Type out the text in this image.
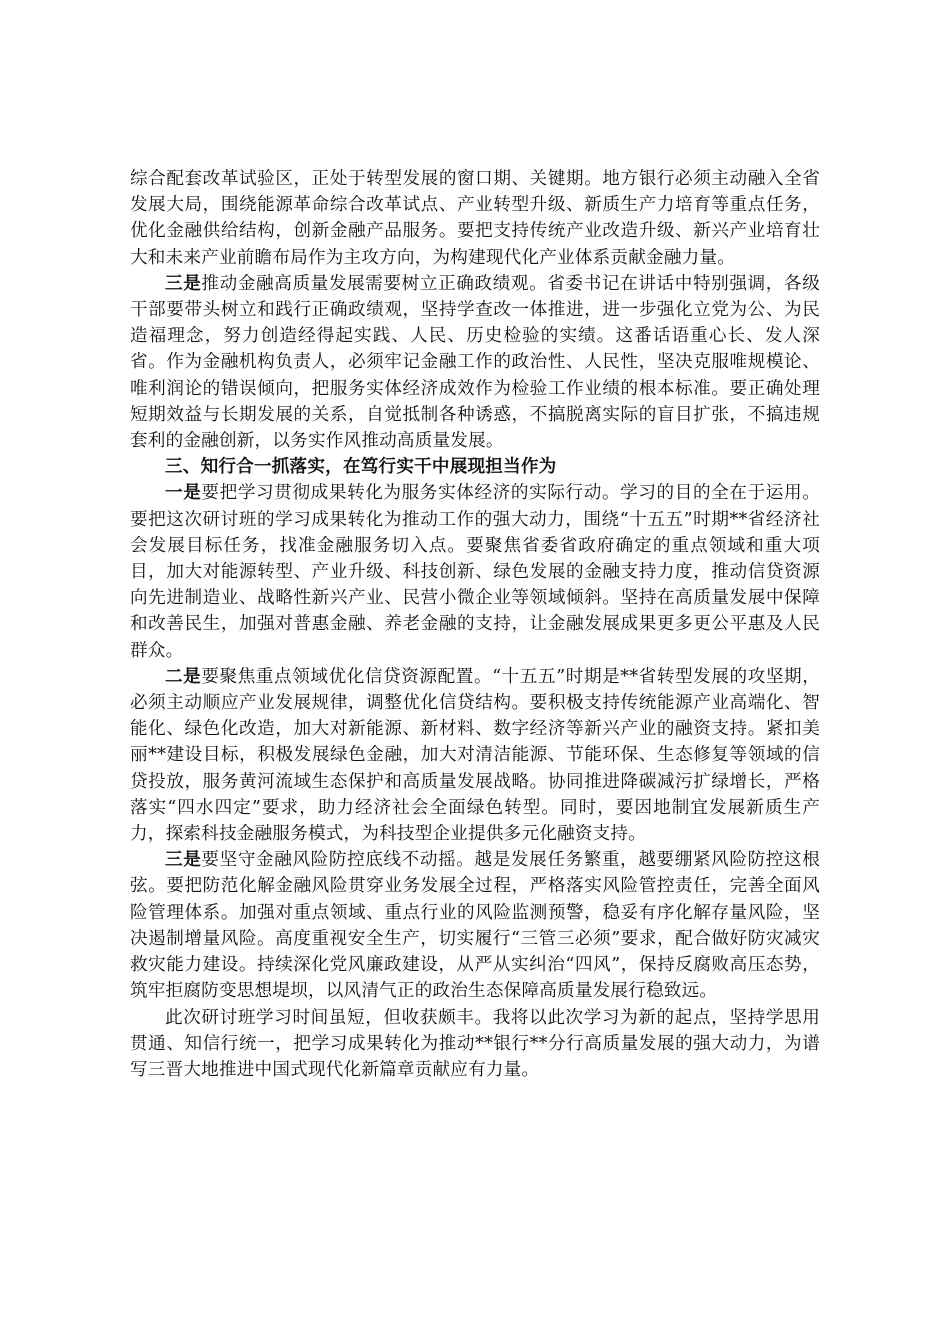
综合配套改革试验区，正处于转型发展的窗口期、关键期。地方银行必须主动融入全省发展大局，围绕能源革命综合改革试点、产业转型升级、新质生产力培育等重点任务，优化金融供给结构，创新金融产品服务。要把支持传统产业改造升级、新兴产业培育壮大和未来产业前瞻布局作为主攻方向，为构建现代化产业体系贡献金融力量。

三是推动金融高质量发展需要树立正确政绩观。省委书记在讲话中特别强调，各级干部要带头树立和践行正确政绩观，坚持学查改一体推进，进一步强化立党为公、为民造福理念，努力创造经得起实践、人民、历史检验的实绩。这番话语重心长、发人深省。作为金融机构负责人，必须牢记金融工作的政治性、人民性，坚决克服唯规模论、唯利润论的错误倾向，把服务实体经济成效作为检验工作业绩的根本标准。要正确处理短期效益与长期发展的关系，自觉抵制各种诱惑，不搞脱离实际的盲目扩张，不搞违规套利的金融创新，以务实作风推动高质量发展。

三、知行合一抓落实，在笃行实干中展现担当作为

一是要把学习贯彻成果转化为服务实体经济的实际行动。学习的目的全在于运用。要把这次研讨班的学习成果转化为推动工作的强大动力，围绕“十五五”时期**省经济社会发展目标任务，找准金融服务切入点。要聚焦省委省政府确定的重点领域和重大项目，加大对能源转型、产业升级、科技创新、绿色发展的金融支持力度，推动信贷资源向先进制造业、战略性新兴产业、民营小微企业等领域倾斜。坚持在高质量发展中保障和改善民生，加强对普惠金融、养老金融的支持，让金融发展成果更多更公平惠及人民群众。

二是要聚焦重点领域优化信贷资源配置。“十五五”时期是**省转型发展的攻坚期，必须主动顺应产业发展规律，调整优化信贷结构。要积极支持传统能源产业高端化、智能化、绿色化改造，加大对新能源、新材料、数字经济等新兴产业的融资支持。紧扣美丽**建设目标，积极发展绿色金融，加大对清洁能源、节能环保、生态修复等领域的信贷投放，服务黄河流域生态保护和高质量发展战略。协同推进降碳减污扩绿增长，严格落实“四水四定”要求，助力经济社会全面绿色转型。同时，要因地制宜发展新质生产力，探索科技金融服务模式，为科技型企业提供多元化融资支持。

三是要坚守金融风险防控底线不动摇。越是发展任务繁重，越要绷紧风险防控这根弦。要把防范化解金融风险贯穿业务发展全过程，严格落实风险管控责任，完善全面风险管理体系。加强对重点领域、重点行业的风险监测预警，稳妥有序化解存量风险，坚决遏制增量风险。高度重视安全生产，切实履行“三管三必须”要求，配合做好防灾减灾救灾能力建设。持续深化党风廉政建设，从严从实纠治“四风”，保持反腐败高压态势，筑牢拒腐防变思想堤坝，以风清气正的政治生态保障高质量发展行稳致远。

此次研讨班学习时间虽短，但收获颇丰。我将以此次学习为新的起点，坚持学思用贯通、知信行统一，把学习成果转化为推动**银行**分行高质量发展的强大动力，为谱写三晋大地推进中国式现代化新篇章贡献应有力量。
